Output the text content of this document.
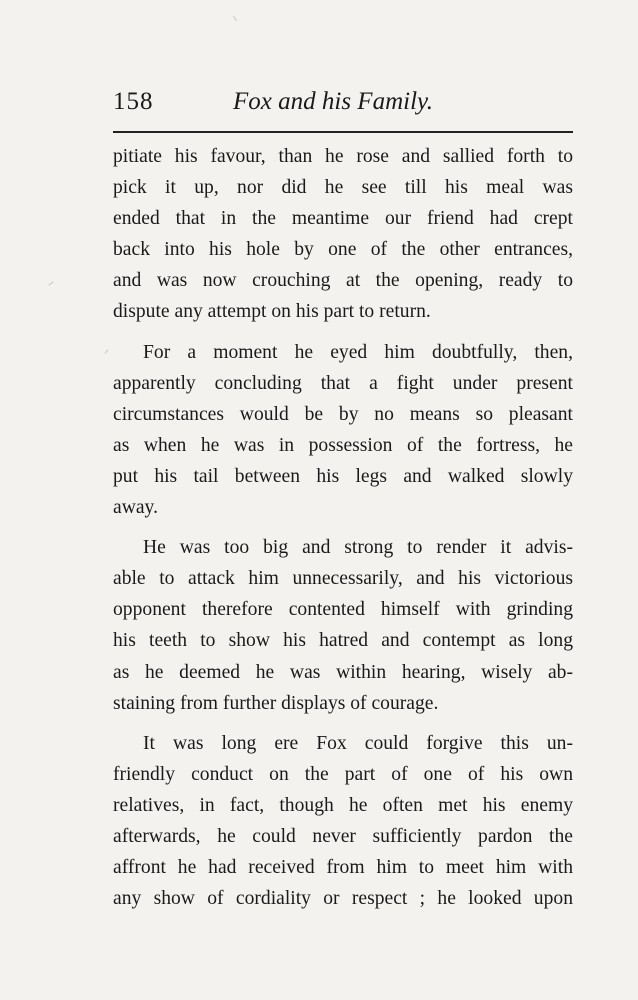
158	Fox and his Family.

pitiate his favour, than he rose and sallied forth to
pick it up, nor did he see till his meal was
ended that in the meantime our friend had crept
back into his hole by one of the other entrances,
and was now crouching at the opening, ready to
dispute any attempt on his part to return.

For a moment he eyed him doubtfully, then,
apparently concluding that a fight under present
circumstances would be by no means so pleasant
as when he was in possession of the fortress, he
put his tail between his legs and walked slowly
away.

He was too big and strong to render it advis-
able to attack him unnecessarily, and his victorious
opponent therefore contented himself with grinding
his teeth to show his hatred and contempt as long
as he deemed he was within hearing, wisely ab-
staining from further displays of courage.

It was long ere Fox could forgive this un-
friendly conduct on the part of one of his own
relatives, in fact, though he often met his enemy
afterwards, he could never sufficiently pardon the
affront he had received from him to meet him with
any show of cordiality or respect ; he looked upon
